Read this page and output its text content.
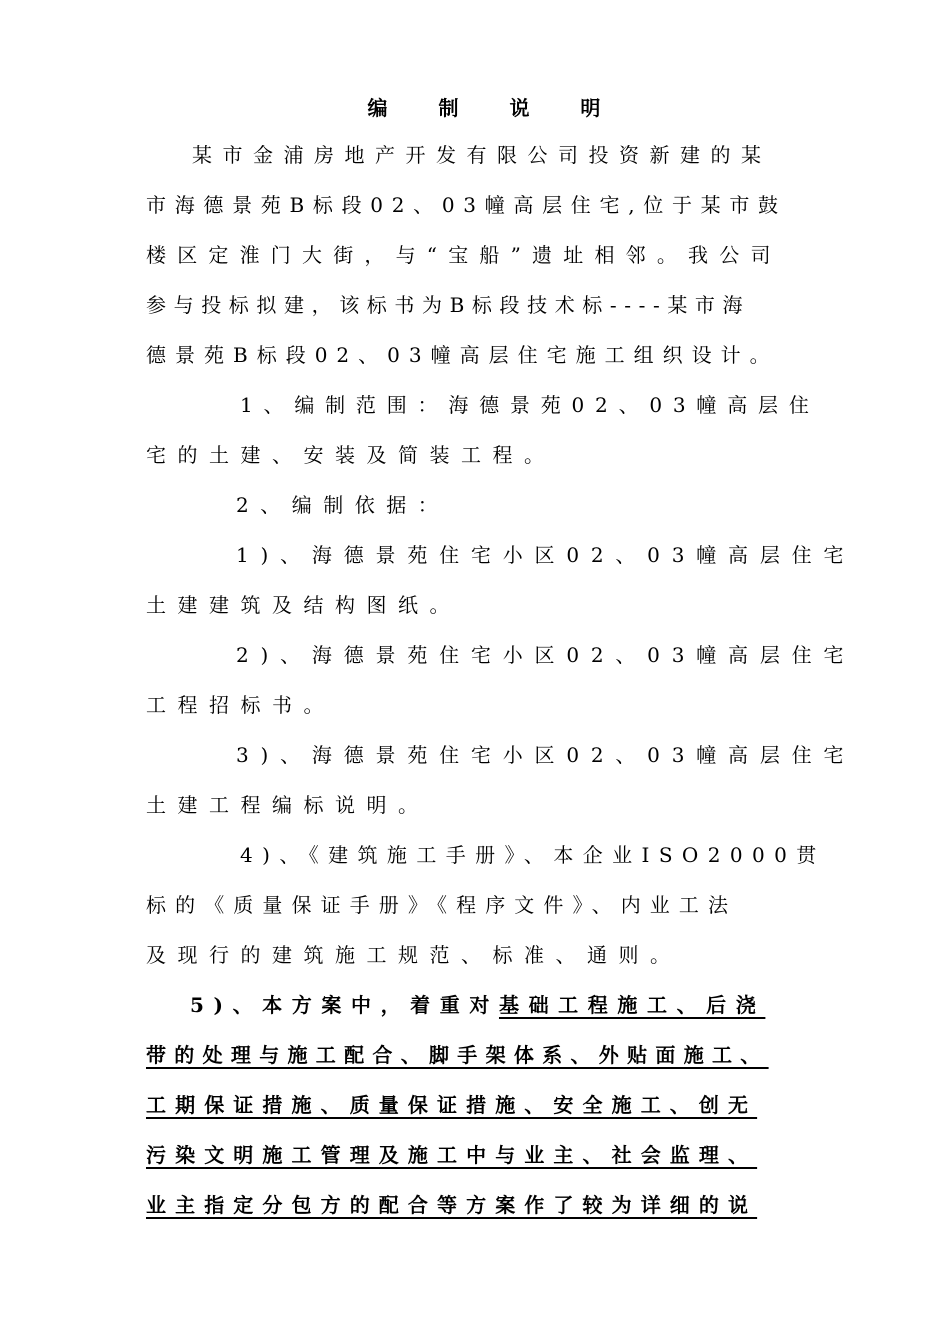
编 制 说 明
某市金浦房地产开发有限公司投资新建的某
市海德景苑B标段02、03幢高层住宅,位于某市鼓
楼区定淮门大街，与“宝船”遗址相邻。我公司
参与投标拟建，该标书为B标段技术标----某市海
德景苑B标段02、03幢高层住宅施工组织设计。
1、编制范围：海德景苑02、03幢高层住
宅的土建、安装及简装工程。
2、编制依据：
1)、海德景苑住宅小区02、03幢高层住宅
土建建筑及结构图纸。
2)、海德景苑住宅小区02、03幢高层住宅
工程招标书。
3)、海德景苑住宅小区02、03幢高层住宅
土建工程编标说明。
4)、《建筑施工手册》、本企业ISO2000贯
标的《质量保证手册》《程序文件》、内业工法
及现行的建筑施工规范、标准、通则。
5)、本方案中，着重对基础工程施工、后浇
带的处理与施工配合、脚手架体系、外贴面施工、
工期保证措施、质量保证措施、安全施工、创无
污染文明施工管理及施工中与业主、社会监理、
业主指定分包方的配合等方案作了较为详细的说
